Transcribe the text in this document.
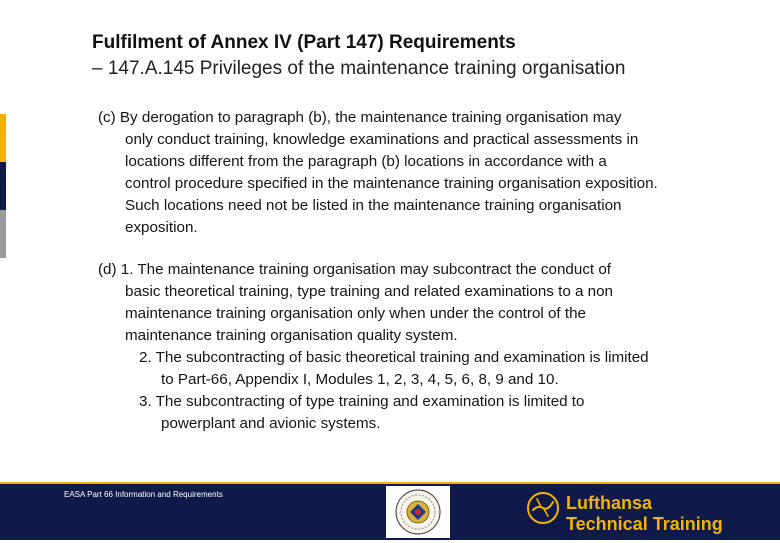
Fulfilment of Annex IV (Part 147) Requirements
– 147.A.145 Privileges of the maintenance training organisation
(c) By derogation to paragraph (b), the maintenance training organisation may
only conduct training, knowledge examinations and practical assessments in
locations different from the paragraph (b) locations in accordance with a
control procedure specified in the maintenance training organisation exposition.
Such locations need not be listed in the maintenance training organisation
exposition.
(d) 1. The maintenance training organisation may subcontract the conduct of
basic theoretical training, type training and related examinations to a non
maintenance training organisation only when under the control of the
maintenance training organisation quality system.
2. The subcontracting of basic theoretical training and examination is limited
to Part-66, Appendix I, Modules 1, 2, 3, 4, 5, 6, 8, 9 and 10.
3. The subcontracting of type training and examination is limited to
powerplant and avionic systems.
EASA Part 66 Information and Requirements	Lufthansa
Technical Training
